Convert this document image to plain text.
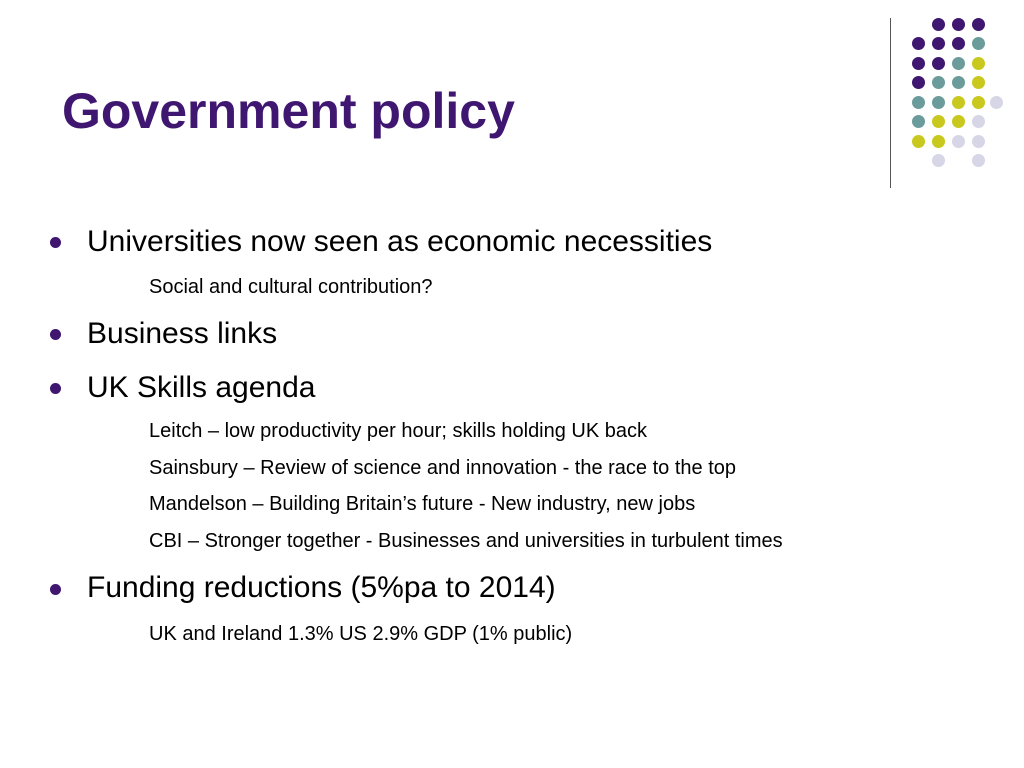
Government policy
Universities now seen as economic necessities
Social and cultural contribution?
Business links
UK Skills agenda
Leitch – low productivity per hour; skills holding UK back
Sainsbury – Review of science and innovation - the race to the top
Mandelson – Building Britain’s future - New industry, new jobs
CBI – Stronger together - Businesses and universities in turbulent times
Funding reductions (5%pa to 2014)
UK and Ireland 1.3% US 2.9% GDP (1% public)
